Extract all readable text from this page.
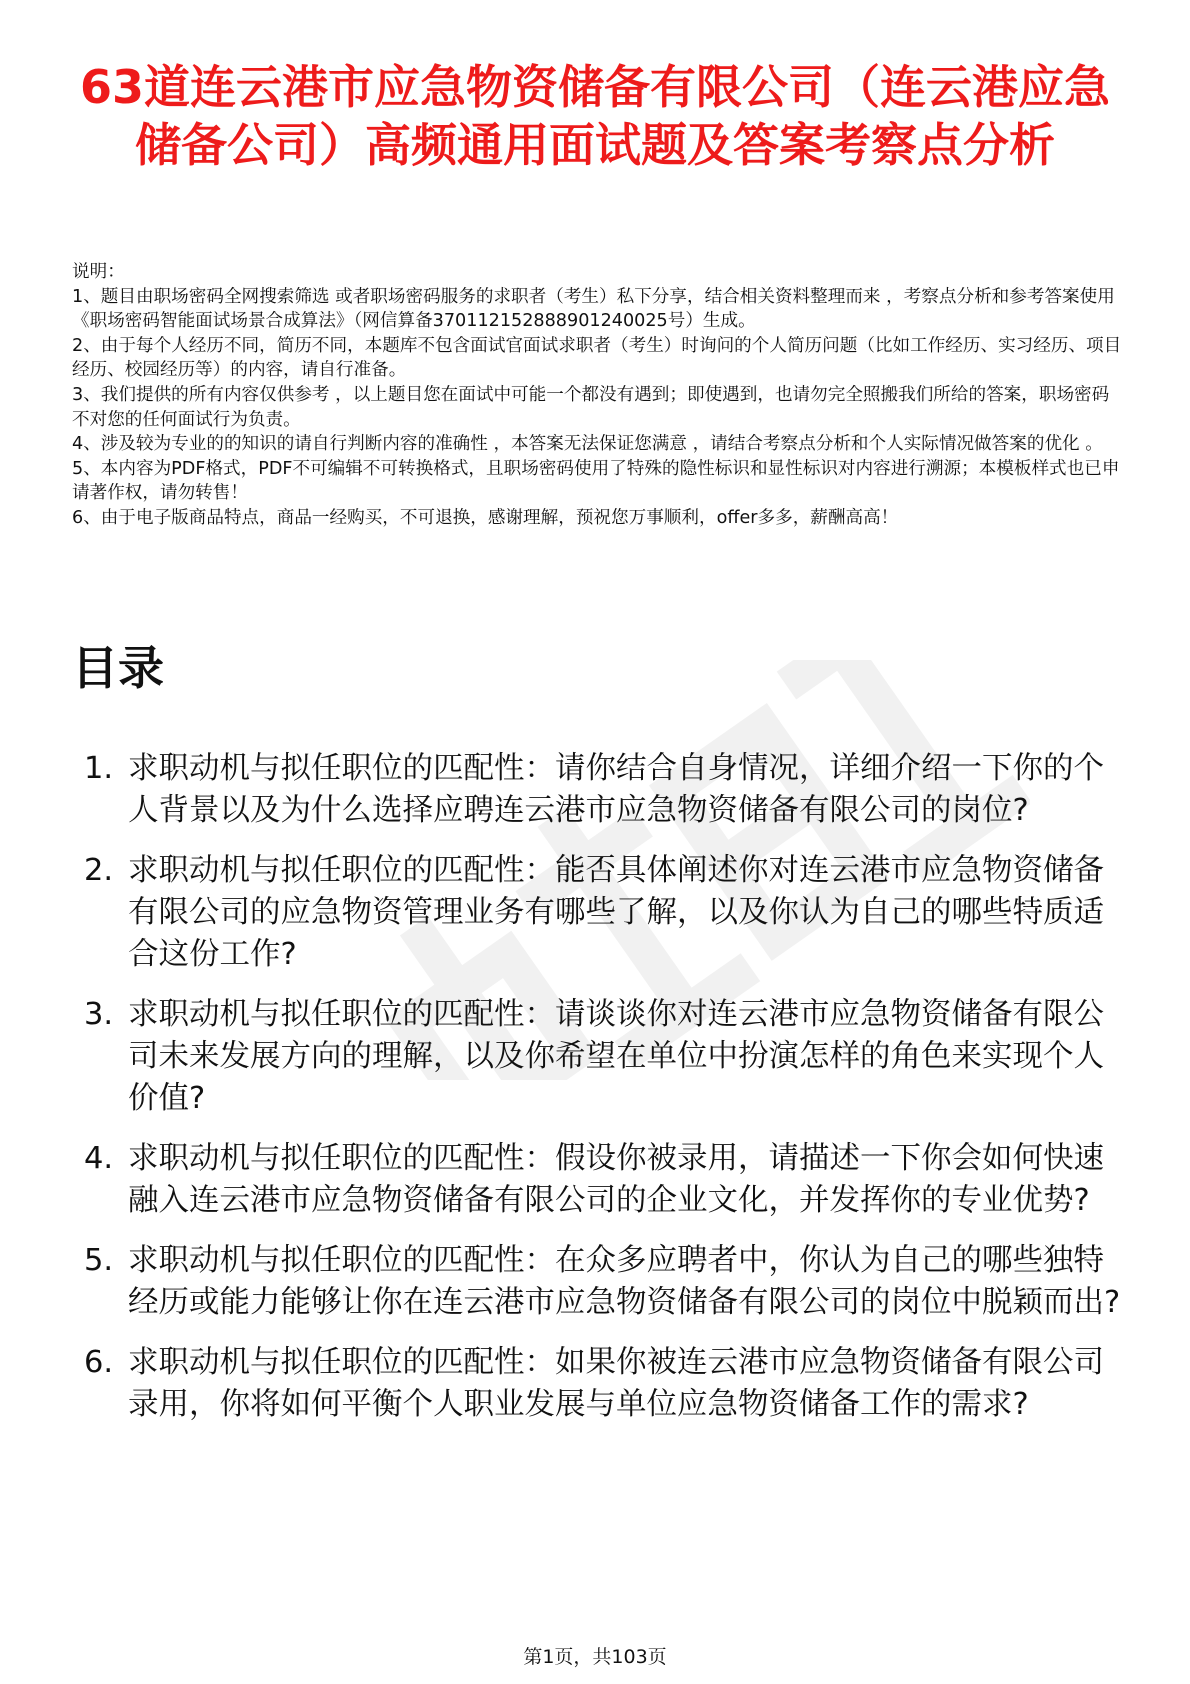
63道连云港市应急物资储备有限公司（连云港应急储备公司）高频通用面试题及答案考察点分析

说明：

1、题目由职场密码全网搜索筛选 或者职场密码服务的求职者（考生）私下分享，结合相关资料整理而来 ，考察点分析和参考答案使用《职场密码智能面试场景合成算法》（网信算备370112152888901240025号）生成。

2、由于每个人经历不同，简历不同，本题库不包含面试官面试求职者（考生）时询问的个人简历问题（比如工作经历、实习经历、项目经历、校园经历等）的内容，请自行准备。

3、我们提供的所有内容仅供参考 ，以上题目您在面试中可能一个都没有遇到；即使遇到，也请勿完全照搬我们所给的答案，职场密码不对您的任何面试行为负责。

4、涉及较为专业的的知识的请自行判断内容的准确性 ，本答案无法保证您满意 ，请结合考察点分析和个人实际情况做答案的优化 。

5、本内容为PDF格式，PDF不可编辑不可转换格式，且职场密码使用了特殊的隐性标识和显性标识对内容进行溯源；本模板样式也已申请著作权，请勿转售！

6、由于电子版商品特点，商品一经购买，不可退换，感谢理解，预祝您万事顺利，offer多多，薪酬高高！

目录
1. 求职动机与拟任职位的匹配性：请你结合自身情况，详细介绍一下你的个人背景以及为什么选择应聘连云港市应急物资储备有限公司的岗位?
2. 求职动机与拟任职位的匹配性：能否具体阐述你对连云港市应急物资储备有限公司的应急物资管理业务有哪些了解，以及你认为自己的哪些特质适合这份工作?
3. 求职动机与拟任职位的匹配性：请谈谈你对连云港市应急物资储备有限公司未来发展方向的理解，以及你希望在单位中扮演怎样的角色来实现个人价值?
4. 求职动机与拟任职位的匹配性：假设你被录用，请描述一下你会如何快速融入连云港市应急物资储备有限公司的企业文化，并发挥你的专业优势?
5. 求职动机与拟任职位的匹配性：在众多应聘者中，你认为自己的哪些独特经历或能力能够让你在连云港市应急物资储备有限公司的岗位中脱颖而出?
6. 求职动机与拟任职位的匹配性：如果你被连云港市应急物资储备有限公司录用，你将如何平衡个人职业发展与单位应急物资储备工作的需求?
第1页，共103页
